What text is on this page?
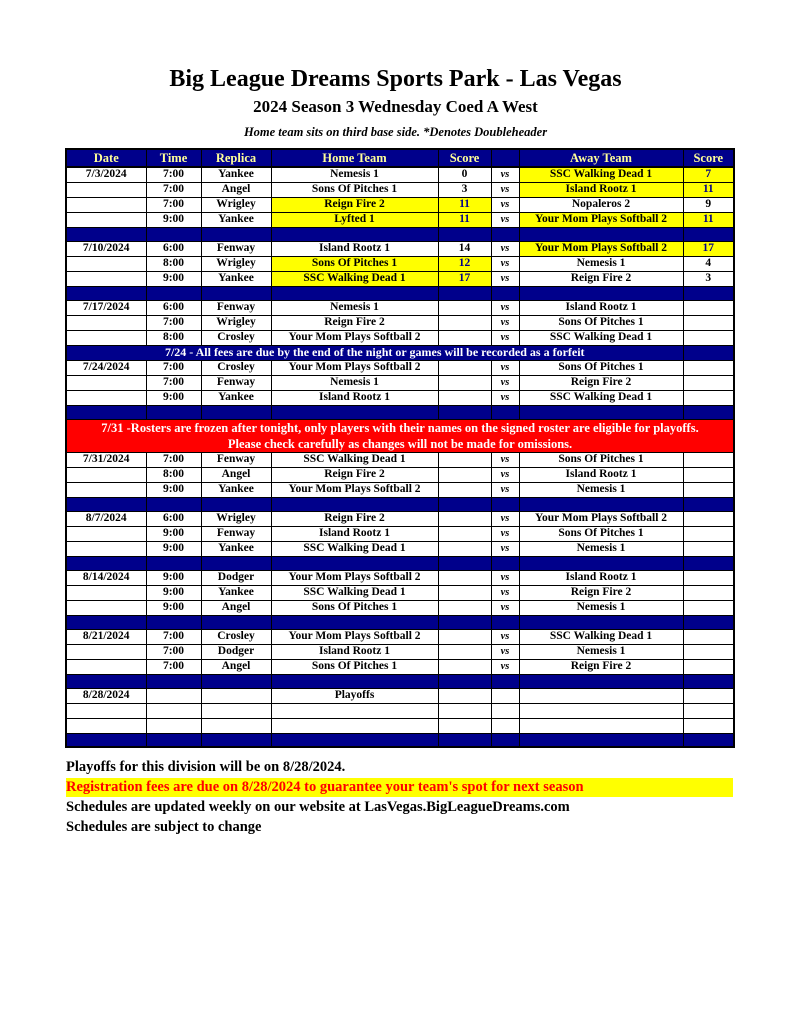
Big League Dreams Sports Park - Las Vegas
2024 Season 3 Wednesday Coed A West
Home team sits on third base side. *Denotes Doubleheader
Date	Time	Replica	Home Team	Score		Away Team	Score
7/3/2024	7:00	Yankee	Nemesis 1	0	vs	SSC Walking Dead 1	7
	7:00	Angel	Sons Of Pitches 1	3	vs	Island Rootz 1	11
	7:00	Wrigley	Reign Fire 2	11	vs	Nopaleros 2	9
	9:00	Yankee	Lyfted 1	11	vs	Your Mom Plays Softball 2	11

7/10/2024	6:00	Fenway	Island Rootz 1	14	vs	Your Mom Plays Softball 2	17
	8:00	Wrigley	Sons Of Pitches 1	12	vs	Nemesis 1	4
	9:00	Yankee	SSC Walking Dead 1	17	vs	Reign Fire 2	3

7/17/2024	6:00	Fenway	Nemesis 1		vs	Island Rootz 1	
	7:00	Wrigley	Reign Fire 2		vs	Sons Of Pitches 1	
	8:00	Crosley	Your Mom Plays Softball 2		vs	SSC Walking Dead 1	
7/24 - All fees are due by the end of the night or games will be recorded as a forfeit							
7/24/2024	7:00	Crosley	Your Mom Plays Softball 2		vs	Sons Of Pitches 1	
	7:00	Fenway	Nemesis 1		vs	Reign Fire 2	
	9:00	Yankee	Island Rootz 1		vs	SSC Walking Dead 1	

7/31 -Rosters are frozen after tonight, only players with their names on the signed roster are eligible for playoffs.
Please check carefully as changes will not be made for omissions.							

7/31/2024	7:00	Fenway	SSC Walking Dead 1		vs	Sons Of Pitches 1	
	8:00	Angel	Reign Fire 2		vs	Island Rootz 1	
	9:00	Yankee	Your Mom Plays Softball 2		vs	Nemesis 1	

8/7/2024	6:00	Wrigley	Reign Fire 2		vs	Your Mom Plays Softball 2	
	9:00	Fenway	Island Rootz 1		vs	Sons Of Pitches 1	
	9:00	Yankee	SSC Walking Dead 1		vs	Nemesis 1	

8/14/2024	9:00	Dodger	Your Mom Plays Softball 2		vs	Island Rootz 1	
	9:00	Yankee	SSC Walking Dead 1		vs	Reign Fire 2	
	9:00	Angel	Sons Of Pitches 1		vs	Nemesis 1	

8/21/2024	7:00	Crosley	Your Mom Plays Softball 2		vs	SSC Walking Dead 1	
	7:00	Dodger	Island Rootz 1		vs	Nemesis 1	
	7:00	Angel	Sons Of Pitches 1		vs	Reign Fire 2	

8/28/2024			Playoffs				

Playoffs for this division will be on 8/28/2024.
Registration fees are due on 8/28/2024 to guarantee your team's spot for next season
Schedules are updated weekly on our website at LasVegas.BigLeagueDreams.com
Schedules are subject to change
